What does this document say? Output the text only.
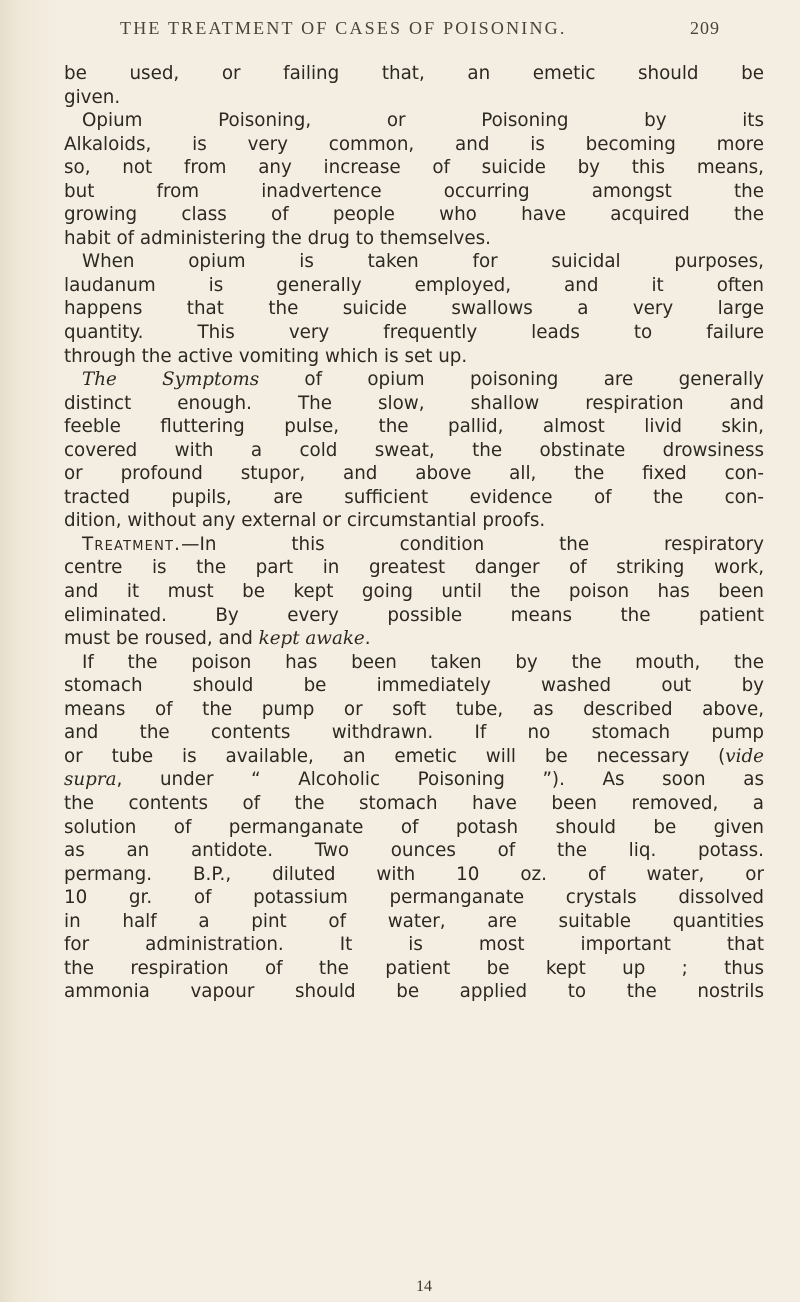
THE TREATMENT OF CASES OF POISONING.	209
be used, or failing that, an emetic should be
given.
Opium Poisoning, or Poisoning by its
Alkaloids, is very common, and is becoming more
so, not from any increase of suicide by this means,
but from inadvertence occurring amongst the
growing class of people who have acquired the
habit of administering the drug to themselves.
When opium is taken for suicidal purposes,
laudanum is generally employed, and it often
happens that the suicide swallows a very large
quantity. This very frequently leads to failure
through the active vomiting which is set up.
The Symptoms of opium poisoning are generally
distinct enough. The slow, shallow respiration and
feeble fluttering pulse, the pallid, almost livid skin,
covered with a cold sweat, the obstinate drowsiness
or profound stupor, and above all, the fixed con-
tracted pupils, are sufficient evidence of the con-
dition, without any external or circumstantial proofs.
Treatment.—In this condition the respiratory
centre is the part in greatest danger of striking work,
and it must be kept going until the poison has been
eliminated. By every possible means the patient
must be roused, and kept awake.
If the poison has been taken by the mouth, the
stomach should be immediately washed out by
means of the pump or soft tube, as described above,
and the contents withdrawn. If no stomach pump
or tube is available, an emetic will be necessary (vide
supra, under “ Alcoholic Poisoning ”). As soon as
the contents of the stomach have been removed, a
solution of permanganate of potash should be given
as an antidote. Two ounces of the liq. potass.
permang. B.P., diluted with 10 oz. of water, or
10 gr. of potassium permanganate crystals dissolved
in half a pint of water, are suitable quantities
for administration. It is most important that
the respiration of the patient be kept up ; thus
ammonia vapour should be applied to the nostrils
14
